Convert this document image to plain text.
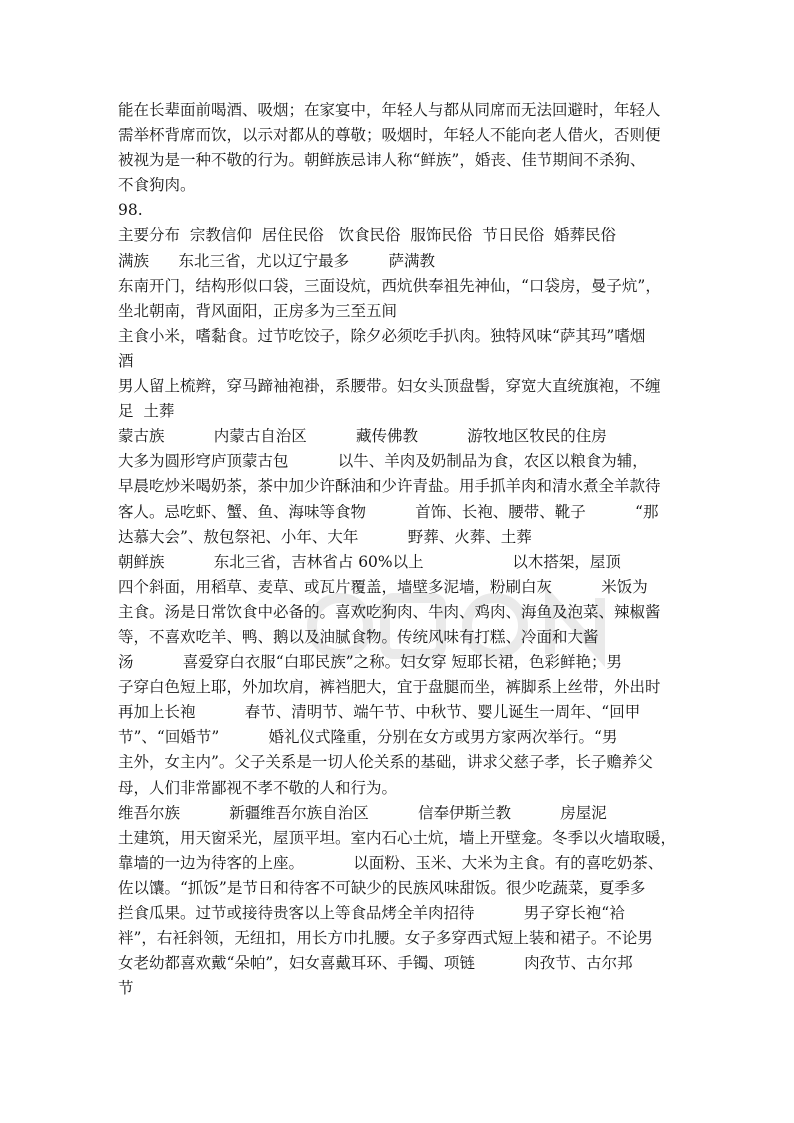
能在长辈面前喝酒、吸烟；在家宴中，年轻人与都从同席而无法回避时，年轻人
需举杯背席而饮，以示对都从的尊敬；吸烟时，年轻人不能向老人借火，否则便
被视为是一种不敬的行为。朝鲜族忌讳人称“鲜族”，婚丧、佳节期间不杀狗、
不食狗肉。
98.
主要分布  宗教信仰  居住民俗   饮食民俗  服饰民俗  节日民俗  婚葬民俗
满族      东北三省，尤以辽宁最多        萨满教
东南开门，结构形似口袋，三面设炕，西炕供奉祖先神仙，“口袋房，曼子炕”，
坐北朝南，背风面阳，正房多为三至五间
主食小米，嗜黏食。过节吃饺子，除夕必须吃手扒肉。独特风味“萨其玛”嗜烟
酒
男人留上梳辫，穿马蹄袖袍褂，系腰带。妇女头顶盘髻，穿宽大直统旗袍，不缠
足  土葬
蒙古族          内蒙古自治区          藏传佛教          游牧地区牧民的住房
大多为圆形穹庐顶蒙古包          以牛、羊肉及奶制品为食，农区以粮食为辅，
早晨吃炒米喝奶茶，茶中加少许酥油和少许青盐。用手抓羊肉和清水煮全羊款待
客人。忌吃虾、蟹、鱼、海味等食物          首饰、长袍、腰带、靴子          “那
达慕大会”、敖包祭祀、小年、大年          野葬、火葬、土葬
朝鲜族          东北三省，吉林省占 60%以上                  以木搭架，屋顶
四个斜面，用稻草、麦草、或瓦片覆盖，墙壁多泥墙，粉刷白灰          米饭为
主食。汤是日常饮食中必备的。喜欢吃狗肉、牛肉、鸡肉、海鱼及泡菜、辣椒酱
等，不喜欢吃羊、鸭、鹅以及油腻食物。传统风味有打糕、冷面和大酱
汤          喜爱穿白衣服“白耶民族”之称。妇女穿 短耶长裙，色彩鲜艳；男
子穿白色短上耶，外加坎肩，裤裆肥大，宜于盘腿而坐，裤脚系上丝带，外出时
再加上长袍          春节、清明节、端午节、中秋节、婴儿诞生一周年、“回甲
节”、“回婚节”          婚礼仪式隆重，分别在女方或男方家两次举行。“男
主外，女主内”。父子关系是一切人伦关系的基础，讲求父慈子孝，长子赡养父
母，人们非常鄙视不孝不敬的人和行为。
维吾尔族          新疆维吾尔族自治区          信奉伊斯兰教          房屋泥
土建筑，用天窗采光，屋顶平坦。室内石心土炕，墙上开壁龛。冬季以火墙取暖，
靠墙的一边为待客的上座。          以面粉、玉米、大米为主食。有的喜吃奶茶、
佐以馕。“抓饭”是节日和待客不可缺少的民族风味甜饭。很少吃蔬菜，夏季多
拦食瓜果。过节或接待贵客以上等食品烤全羊肉招待          男子穿长袍“袷
袢”，右衽斜领，无纽扣，用长方巾扎腰。女子多穿西式短上装和裙子。不论男
女老幼都喜欢戴“朵帕”，妇女喜戴耳环、手镯、项链          肉孜节、古尔邦
节
